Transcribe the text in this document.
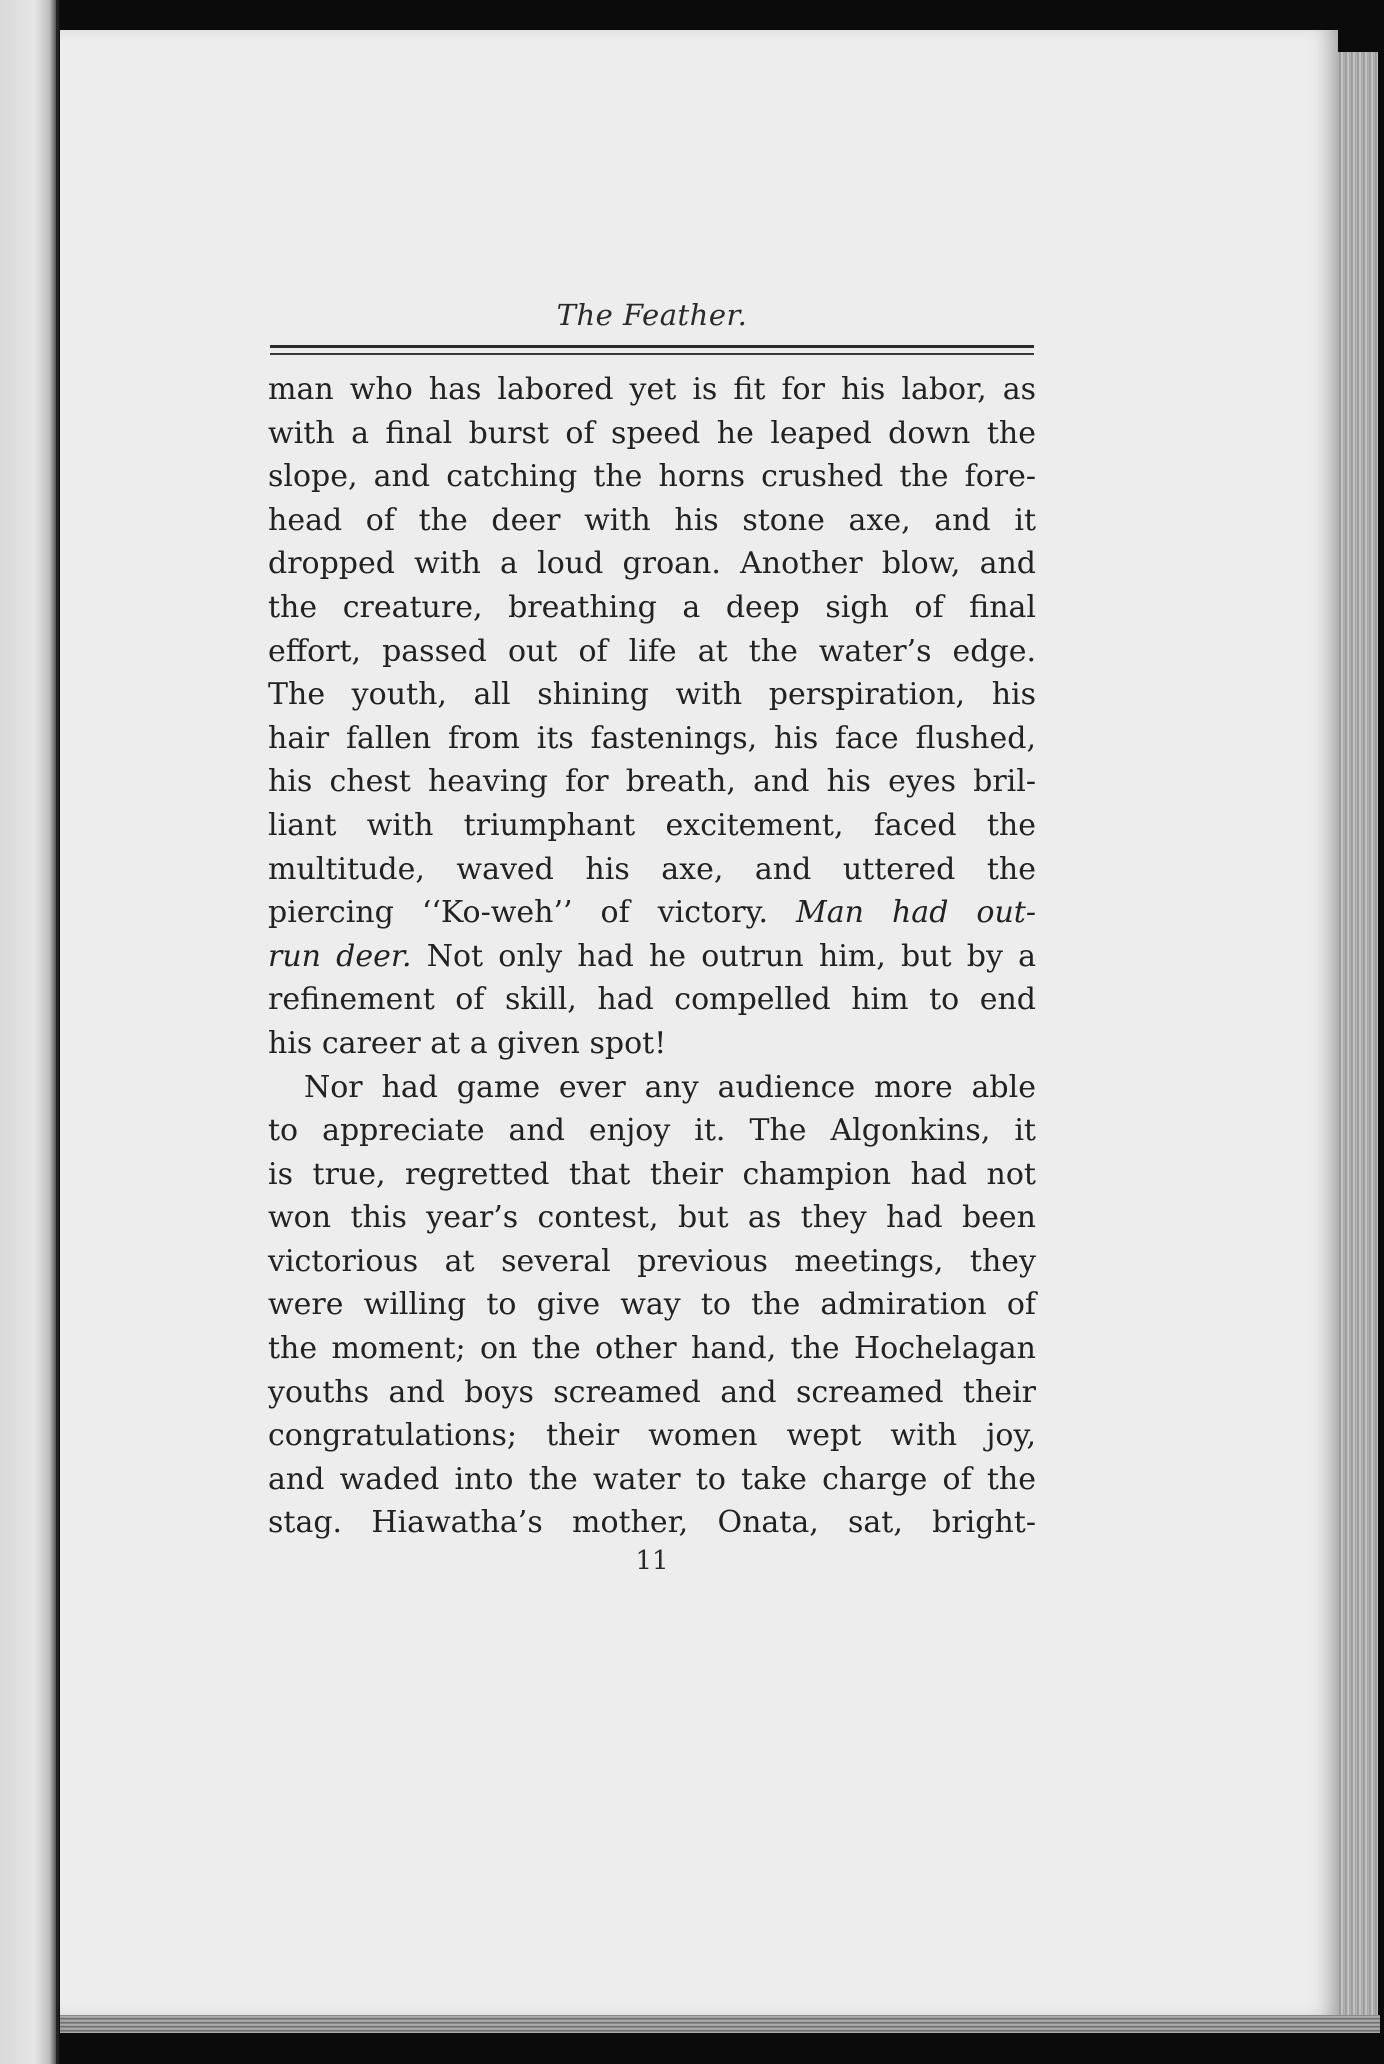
The Feather.
man who has labored yet is fit for his labor, as
with a final burst of speed he leaped down the
slope, and catching the horns crushed the fore-
head of the deer with his stone axe, and it
dropped with a loud groan. Another blow, and
the creature, breathing a deep sigh of final
effort, passed out of life at the water’s edge.
The youth, all shining with perspiration, his
hair fallen from its fastenings, his face flushed,
his chest heaving for breath, and his eyes bril-
liant with triumphant excitement, faced the
multitude, waved his axe, and uttered the
piercing ‘‘Ko-weh’’ of victory. Man had out-
run deer. Not only had he outrun him, but by a
refinement of skill, had compelled him to end
his career at a given spot!
Nor had game ever any audience more able
to appreciate and enjoy it. The Algonkins, it
is true, regretted that their champion had not
won this year’s contest, but as they had been
victorious at several previous meetings, they
were willing to give way to the admiration of
the moment; on the other hand, the Hochelagan
youths and boys screamed and screamed their
congratulations; their women wept with joy,
and waded into the water to take charge of the
stag. Hiawatha’s mother, Onata, sat, bright-
11
